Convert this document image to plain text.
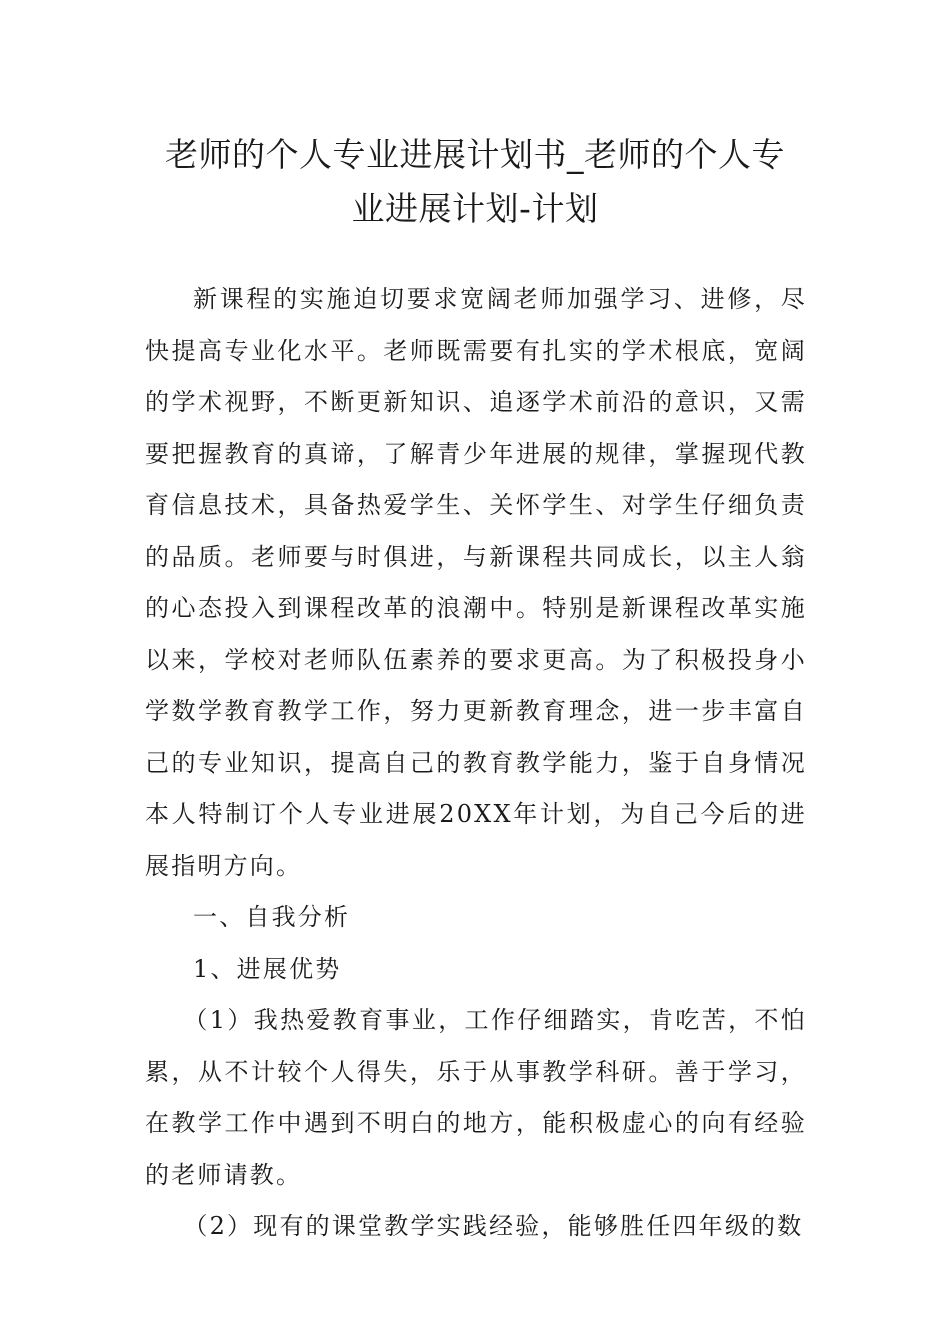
老师的个人专业进展计划书_老师的个人专
业进展计划-计划

新课程的实施迫切要求宽阔老师加强学习、进修，尽快提高专业化水平。老师既需要有扎实的学术根底，宽阔的学术视野，不断更新知识、追逐学术前沿的意识，又需要把握教育的真谛，了解青少年进展的规律，掌握现代教育信息技术，具备热爱学生、关怀学生、对学生仔细负责的品质。老师要与时俱进，与新课程共同成长，以主人翁的心态投入到课程改革的浪潮中。特别是新课程改革实施以来，学校对老师队伍素养的要求更高。为了积极投身小学数学教育教学工作，努力更新教育理念，进一步丰富自己的专业知识，提高自己的教育教学能力，鉴于自身情况本人特制订个人专业进展20XX年计划，为自己今后的进展指明方向。

一、自我分析

1、进展优势

（1）我热爱教育事业，工作仔细踏实，肯吃苦，不怕累，从不计较个人得失，乐于从事教学科研。善于学习，在教学工作中遇到不明白的地方，能积极虚心的向有经验的老师请教。

（2）现有的课堂教学实践经验，能够胜任四年级的数
